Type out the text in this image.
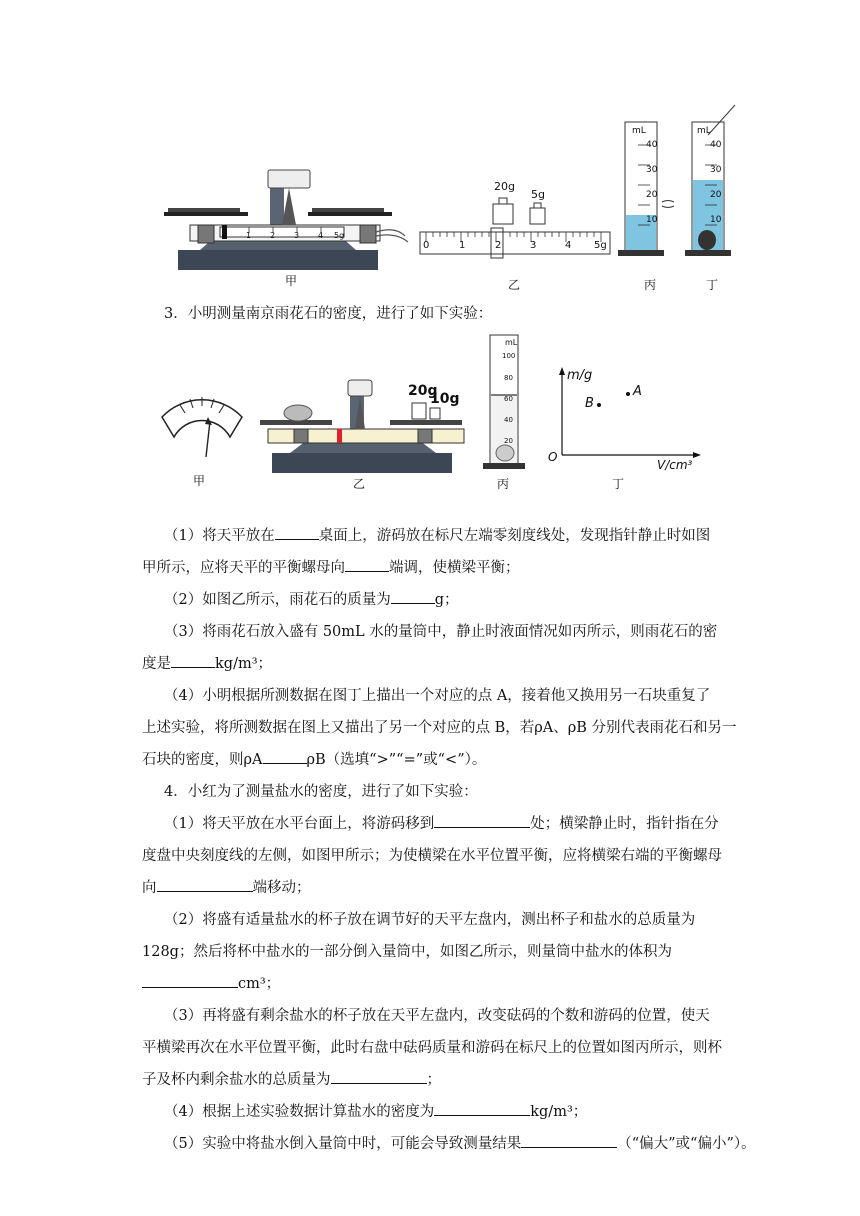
甲	乙	丙	丁
20g
5g
0	1	2	3	4 5g
0 1 2 3 4 5g
mL
40
30
20
10
mL
40
30
20
10
3．小明测量南京雨花石的密度，进行了如下实验：
甲	乙	丙	丁
20g
10g
mL
100
80
60
40
20
m/g
V/cm³
O
A
B
（1）将天平放在	桌面上，游码放在标尺左端零刻度线处，发现指针静止时如图
甲所示，应将天平的平衡螺母向	端调，使横梁平衡；
（2）如图乙所示，雨花石的质量为	g；
（3）将雨花石放入盛有 50mL 水的量筒中，静止时液面情况如丙所示，则雨花石的密
度是	kg/m³；
（4）小明根据所测数据在图丁上描出一个对应的点 A，接着他又换用另一石块重复了
上述实验，将所测数据在图上又描出了另一个对应的点 B，若ρA、ρB 分别代表雨花石和另一
石块的密度，则ρA	ρB（选填“>”“=”或“<”）。
4．小红为了测量盐水的密度，进行了如下实验：
（1）将天平放在水平台面上，将游码移到	处；横梁静止时，指针指在分
度盘中央刻度线的左侧，如图甲所示；为使横梁在水平位置平衡，应将横梁右端的平衡螺母
向	端移动；
（2）将盛有适量盐水的杯子放在调节好的天平左盘内，测出杯子和盐水的总质量为
128g；然后将杯中盐水的一部分倒入量筒中，如图乙所示，则量筒中盐水的体积为
cm³；
（3）再将盛有剩余盐水的杯子放在天平左盘内，改变砝码的个数和游码的位置，使天
平横梁再次在水平位置平衡，此时右盘中砝码质量和游码在标尺上的位置如图丙所示，则杯
子及杯内剩余盐水的总质量为	；
（4）根据上述实验数据计算盐水的密度为	kg/m³；
（5）实验中将盐水倒入量筒中时，可能会导致测量结果	（“偏大”或“偏小”）。
